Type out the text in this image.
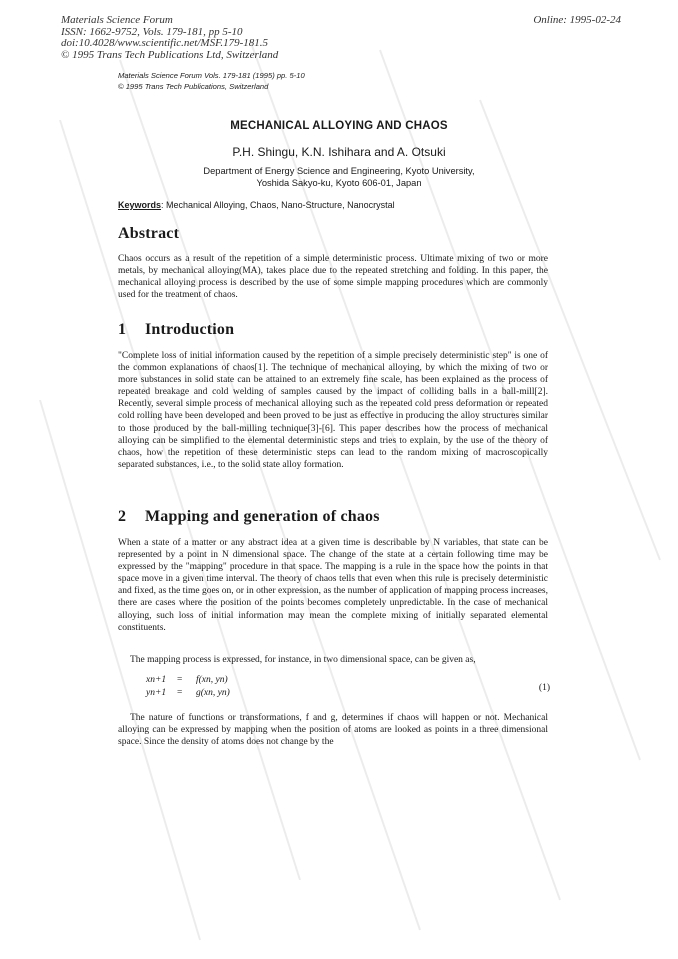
Materials Science Forum
ISSN: 1662-9752, Vols. 179-181, pp 5-10
doi:10.4028/www.scientific.net/MSF.179-181.5
© 1995 Trans Tech Publications Ltd, Switzerland
Online: 1995-02-24
Materials Science Forum Vols. 179-181 (1995) pp. 5-10
© 1995 Trans Tech Publications, Switzerland
MECHANICAL ALLOYING AND CHAOS
P.H. Shingu, K.N. Ishihara and A. Otsuki
Department of Energy Science and Engineering, Kyoto University,
Yoshida Sakyo-ku, Kyoto 606-01, Japan
Keywords: Mechanical Alloying, Chaos, Nano-Structure, Nanocrystal
Abstract

Chaos occurs as a result of the repetition of a simple deterministic process. Ultimate mixing of two or more metals, by mechanical alloying(MA), takes place due to the repeated stretching and folding. In this paper, the mechanical alloying process is described by the use of some simple mapping procedures which are commonly used for the treatment of chaos.

1 Introduction

"Complete loss of initial information caused by the repetition of a simple precisely deterministic step" is one of the common explanations of chaos[1]. The technique of mechanical alloying, by which the mixing of two or more substances in solid state can be attained to an extremely fine scale, has been explained as the process of repeated breakage and cold welding of samples caused by the impact of colliding balls in a ball-mill[2]. Recently, several simple process of mechanical alloying such as the repeated cold press deformation or repeated cold rolling have been developed and been proved to be just as effective in producing the alloy structures similar to those produced by the ball-milling technique[3]-[6]. This paper describes how the process of mechanical alloying can be simplified to the elemental deterministic steps and tries to explain, by the use of the theory of chaos, how the repetition of these deterministic steps can lead to the random mixing of macroscopically separated substances, i.e., to the solid state alloy formation.

2 Mapping and generation of chaos

When a state of a matter or any abstract idea at a given time is describable by N variables, that state can be represented by a point in N dimensional space. The change of the state at a certain following time may be expressed by the "mapping" procedure in that space. The mapping is a rule in the space how the points in that space move in a given time interval. The theory of chaos tells that even when this rule is precisely deterministic and fixed, as the time goes on, or in other expression, as the number of application of mapping process increases, there are cases where the position of the points becomes completely unpredictable. In the case of mechanical alloying, such loss of initial information may mean the complete mixing of initially separated elemental constituents.

The mapping process is expressed, for instance, in two dimensional space, can be given as,

xn+1	= f(xn, yn)
yn+1	= g(xn, yn)	(1)

The nature of functions or transformations, f and g, determines if chaos will happen or not. Mechanical alloying can be expressed by mapping when the position of atoms are looked as points in a three dimensional space. Since the density of atoms does not change by the
